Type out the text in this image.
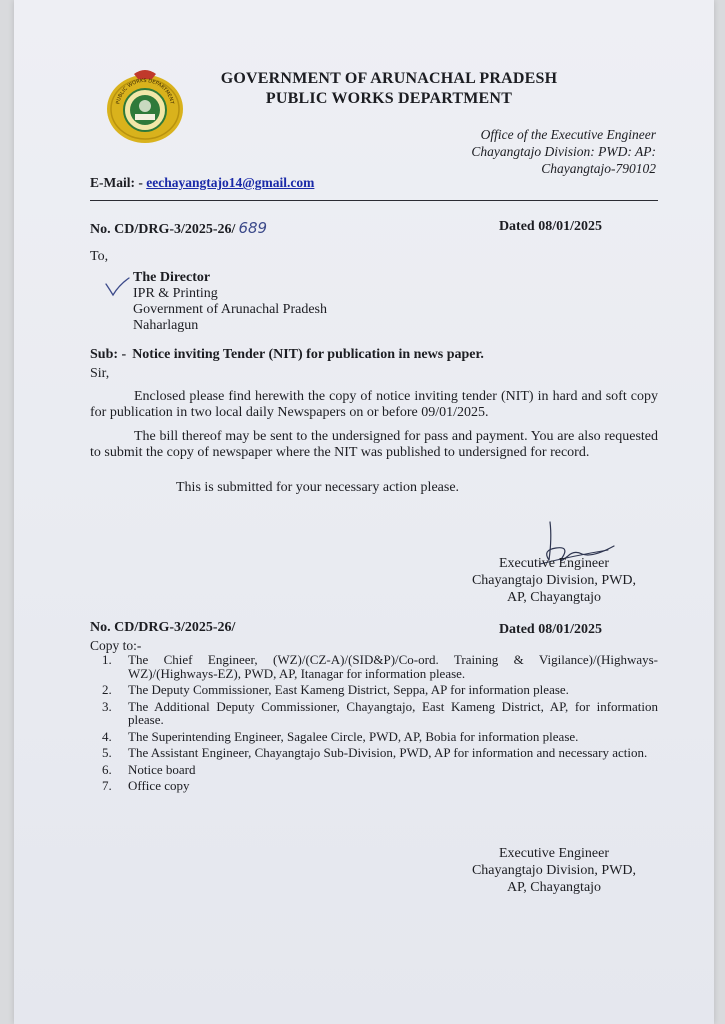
PUBLIC WORKS DEPARTMENT
GOVERNMENT OF ARUNACHAL PRADESH
PUBLIC WORKS DEPARTMENT
Office of the Executive Engineer
Chayangtajo Division: PWD: AP:
Chayangtajo-790102
E-Mail: - eechayangtajo14@gmail.com
No. CD/DRG-3/2025-26/ 689	Dated 08/01/2025
To,
The Director
IPR & Printing
Government of Arunachal Pradesh
Naharlagun
Sub: - Notice inviting Tender (NIT) for publication in news paper.
Sir,
Enclosed please find herewith the copy of notice inviting tender (NIT) in hard and soft copy for publication in two local daily Newspapers on or before 09/01/2025.
The bill thereof may be sent to the undersigned for pass and payment. You are also requested to submit the copy of newspaper where the NIT was published to undersigned for record.
This is submitted for your necessary action please.
Executive Engineer
Chayangtajo Division, PWD,
AP, Chayangtajo
No. CD/DRG-3/2025-26/	Dated 08/01/2025
Copy to:-
1.	The Chief Engineer, (WZ)/(CZ-A)/(SID&P)/Co-ord. Training & Vigilance)/(Highways-WZ)/(Highways-EZ), PWD, AP, Itanagar for information please.
2.	The Deputy Commissioner, East Kameng District, Seppa, AP for information please.
3.	The Additional Deputy Commissioner, Chayangtajo, East Kameng District, AP, for information please.
4.	The Superintending Engineer, Sagalee Circle, PWD, AP, Bobia for information please.
5.	The Assistant Engineer, Chayangtajo Sub-Division, PWD, AP for information and necessary action.
6.	Notice board
7.	Office copy
Executive Engineer
Chayangtajo Division, PWD,
AP, Chayangtajo
